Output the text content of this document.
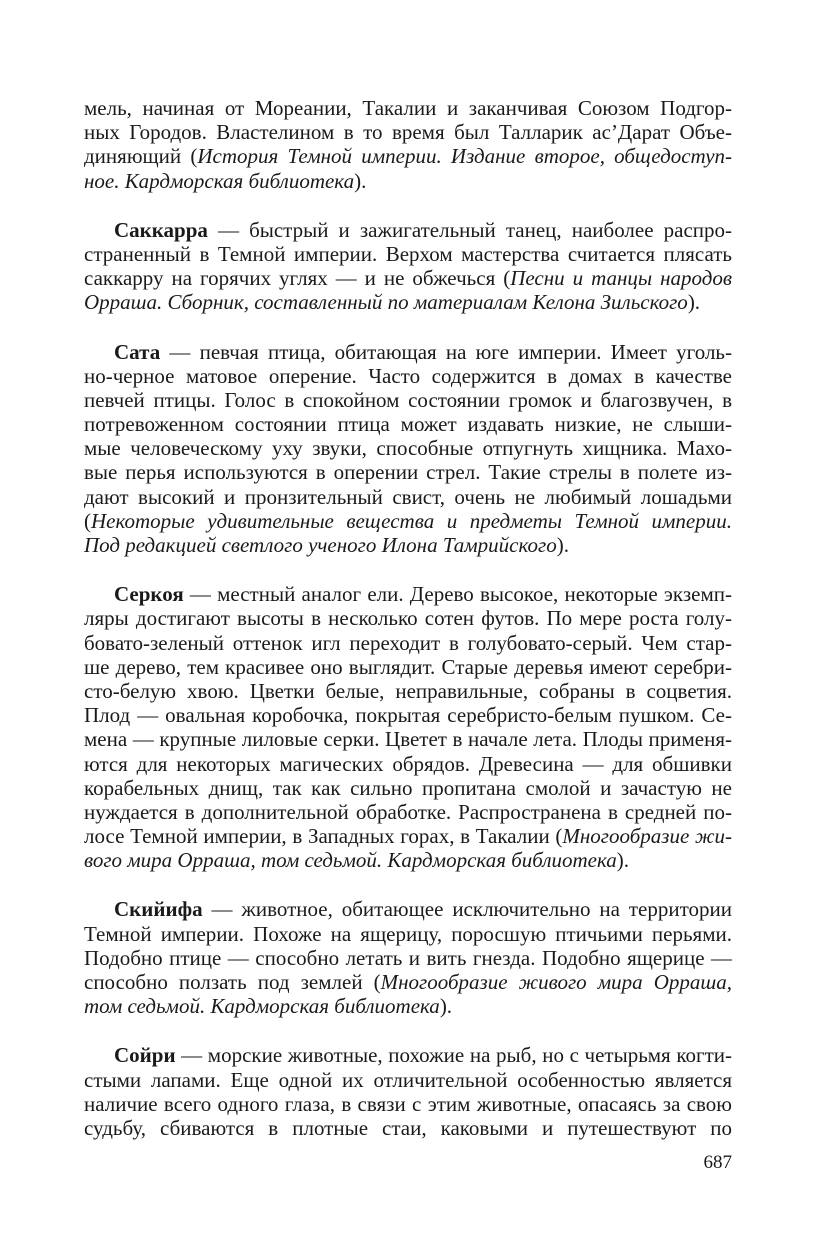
мель, начиная от Мореании, Такалии и заканчивая Союзом Подгор-
ных Городов. Властелином в то время был Талларик ас’Дарат Объе-
диняющий (История Темной империи. Издание второе, общедоступ-
ное. Кардморская библиотека).
Саккарра — быстрый и зажигательный танец, наиболее распро-
страненный в Темной империи. Верхом мастерства считается плясать
саккарру на горячих углях — и не обжечься (Песни и танцы народов
Орраша. Сборник, составленный по материалам Келона Зильского).
Сата — певчая птица, обитающая на юге империи. Имеет уголь-
но-черное матовое оперение. Часто содержится в домах в качестве
певчей птицы. Голос в спокойном состоянии громок и благозвучен, в
потревоженном состоянии птица может издавать низкие, не слыши-
мые человеческому уху звуки, способные отпугнуть хищника. Махо-
вые перья используются в оперении стрел. Такие стрелы в полете из-
дают высокий и пронзительный свист, очень не любимый лошадьми
(Некоторые удивительные вещества и предметы Темной империи.
Под редакцией светлого ученого Илона Тамрийского).
Серкоя — местный аналог ели. Дерево высокое, некоторые экземп-
ляры достигают высоты в несколько сотен футов. По мере роста голу-
бовато-зеленый оттенок игл переходит в голубовато-серый. Чем стар-
ше дерево, тем красивее оно выглядит. Старые деревья имеют серебри-
сто-белую хвою. Цветки белые, неправильные, собраны в соцветия.
Плод — овальная коробочка, покрытая серебристо-белым пушком. Се-
мена — крупные лиловые серки. Цветет в начале лета. Плоды применя-
ются для некоторых магических обрядов. Древесина — для обшивки
корабельных днищ, так как сильно пропитана смолой и зачастую не
нуждается в дополнительной обработке. Распространена в средней по-
лосе Темной империи, в Западных горах, в Такалии (Многообразие жи-
вого мира Орраша, том седьмой. Кардморская библиотека).
Скийифа — животное, обитающее исключительно на территории
Темной империи. Похоже на ящерицу, поросшую птичьими перьями.
Подобно птице — способно летать и вить гнезда. Подобно ящерице —
способно ползать под землей (Многообразие живого мира Орраша,
том седьмой. Кардморская библиотека).
Сойри — морские животные, похожие на рыб, но с четырьмя когти-
стыми лапами. Еще одной их отличительной особенностью является
наличие всего одного глаза, в связи с этим животные, опасаясь за свою
судьбу, сбиваются в плотные стаи, каковыми и путешествуют по
687
